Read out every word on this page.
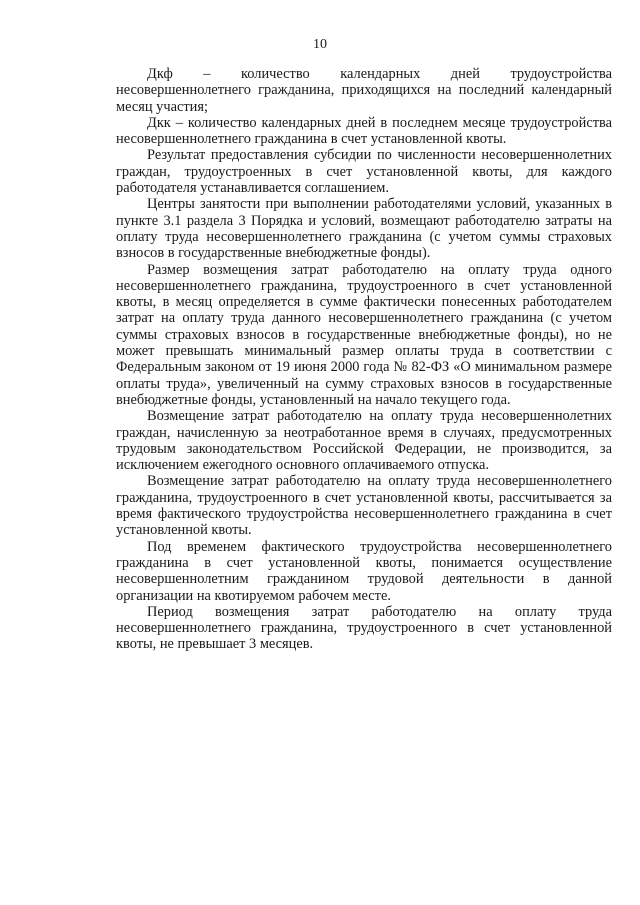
10

Дкф – количество календарных дней трудоустройства несовершеннолетнего гражданина, приходящихся на последний календарный месяц участия;

Дкк – количество календарных дней в последнем месяце трудоустройства несовершеннолетнего гражданина в счет установленной квоты.

Результат предоставления субсидии по численности несовершеннолетних граждан, трудоустроенных в счет установленной квоты, для каждого работодателя устанавливается соглашением.

Центры занятости при выполнении работодателями условий, указанных в пункте 3.1 раздела 3 Порядка и условий, возмещают работодателю затраты на оплату труда несовершеннолетнего гражданина (с учетом суммы страховых взносов в государственные внебюджетные фонды).

Размер возмещения затрат работодателю на оплату труда одного несовершеннолетнего гражданина, трудоустроенного в счет установленной квоты, в месяц определяется в сумме фактически понесенных работодателем затрат на оплату труда данного несовершеннолетнего гражданина (с учетом суммы страховых взносов в государственные внебюджетные фонды), но не может превышать минимальный размер оплаты труда в соответствии с Федеральным законом от 19 июня 2000 года № 82-ФЗ «О минимальном размере оплаты труда», увеличенный на сумму страховых взносов в государственные внебюджетные фонды, установленный на начало текущего года.

Возмещение затрат работодателю на оплату труда несовершеннолетних граждан, начисленную за неотработанное время в случаях, предусмотренных трудовым законодательством Российской Федерации, не производится, за исключением ежегодного основного оплачиваемого отпуска.

Возмещение затрат работодателю на оплату труда несовершеннолетнего гражданина, трудоустроенного в счет установленной квоты, рассчитывается за время фактического трудоустройства несовершеннолетнего гражданина в счет установленной квоты.

Под временем фактического трудоустройства несовершеннолетнего гражданина в счет установленной квоты, понимается осуществление несовершеннолетним гражданином трудовой деятельности в данной организации на квотируемом рабочем месте.

Период возмещения затрат работодателю на оплату труда несовершеннолетнего гражданина, трудоустроенного в счет установленной квоты, не превышает 3 месяцев.
